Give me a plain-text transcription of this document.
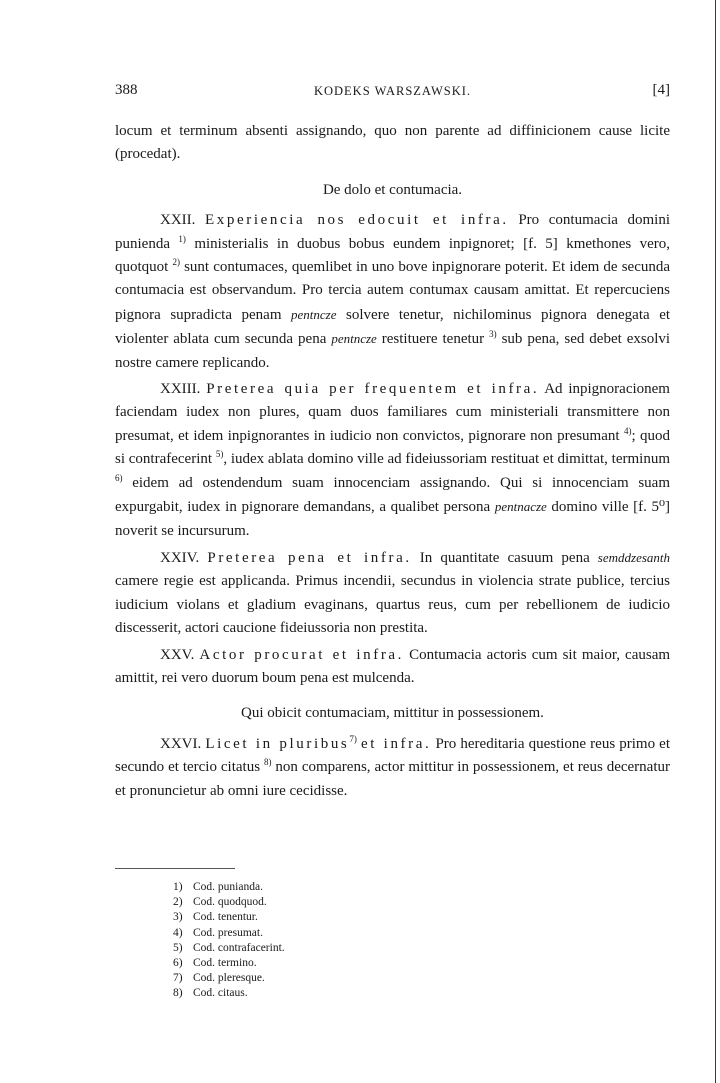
388	KODEKS WARSZAWSKI.	[4]

locum et terminum absenti assignando, quo non parente ad diffinicionem cause licite (procedat).

De dolo et contumacia.

XXII. Experiencia nos edocuit et infra. Pro contumacia domini punienda $^{1)}$ ministerialis in duobus bobus eundem inpignoret; [f. 5] kmethones vero, quotquot $^{2)}$ sunt contumaces, quemlibet in uno bove inpignorare poterit. Et idem de secunda contumacia est observandum. Pro tercia autem contumax causam amittat. Et repercuciens pignora supradicta penam pentncze solvere tenetur, nichilominus pignora denegata et violenter ablata cum secunda pena pentncze restituere tenetur $^{3)}$ sub pena, sed debet exsolvi nostre camere replicando.

XXIII. Preterea quia per frequentem et infra. Ad inpignoracionem faciendam iudex non plures, quam duos familiares cum ministeriali transmittere non presumat, et idem inpignorantes in iudicio non convictos, pignorare non presumant $^{4)}$; quod si contrafecerint $^{5)}$, iudex ablata domino ville ad fideiussoriam restituat et dimittat, terminum $^{6)}$ eidem ad ostendendum suam innocenciam assignando. Qui si innocenciam suam expurgabit, iudex in pignorare demandans, a qualibet persona pentnacze domino ville [f. 5⁰] noverit se incursurum.

XXIV. Preterea pena et infra. In quantitate casuum pena semddzesanth camere regie est applicanda. Primus incendii, secundus in violencia strate publice, tercius iudicium violans et gladium evaginans, quartus reus, cum per rebellionem de iudicio discesserit, actori caucione fideiussoria non prestita.

XXV. Actor procurat et infra. Contumacia actoris cum sit maior, causam amittit, rei vero duorum boum pena est mulcenda.

Qui obicit contumaciam, mittitur in possessionem.

XXVI. Licet in pluribus$^{7)}$ et infra. Pro hereditaria questione reus primo et secundo et tercio citatus $^{8)}$ non comparens, actor mittitur in possessionem, et reus decernatur et pronuncietur ab omni iure cecidisse.

1) Cod. punianda.
2) Cod. quodquod.
3) Cod. tenentur.
4) Cod. presumat.
5) Cod. contrafacerint.
6) Cod. termino.
7) Cod. pleresque.
8) Cod. citaus.
